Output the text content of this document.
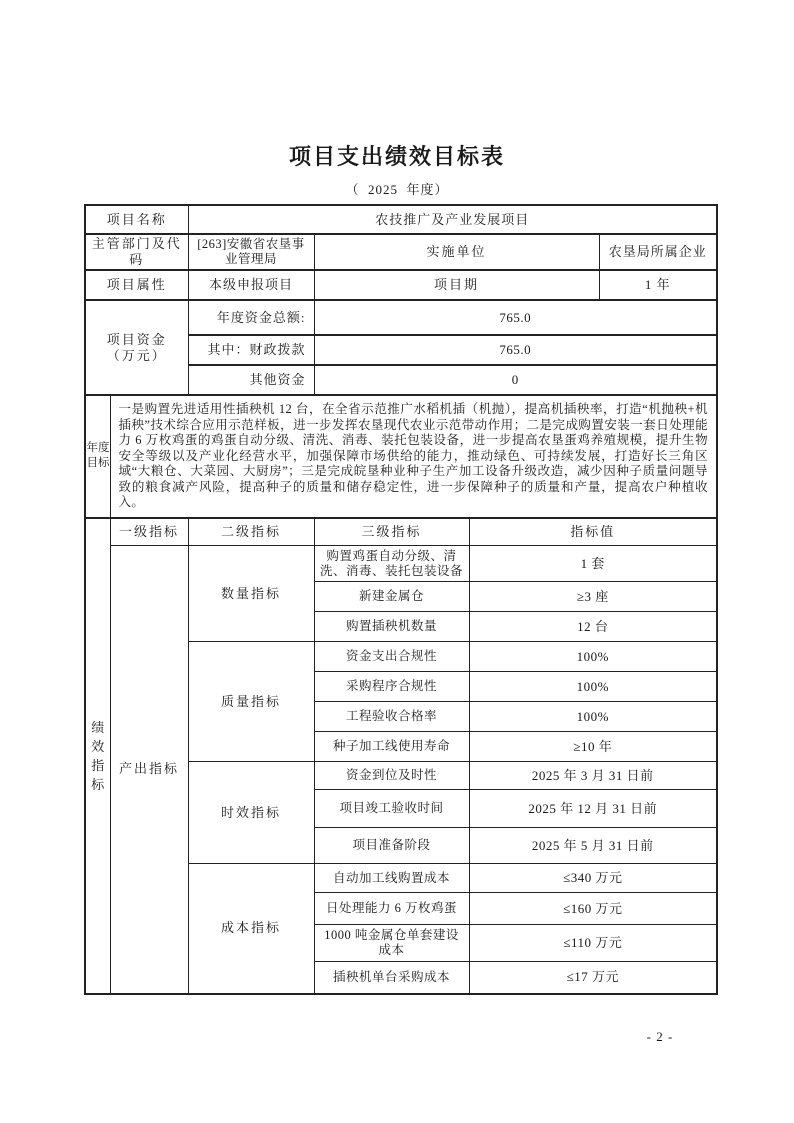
项目支出绩效目标表
（  2025  年度）
项目名称		农技推广及产业发展项目			
主管部门及代码		[263]安徽省农垦事业管理局	实施单位		农垦局所属企业
项目属性		本级申报项目	项目期		1 年

项目资金
（万元）		年度资金总额:	765.0		
		其中：财政拨款	765.0		
		其他资金	0		

年度目标	一是购置先进适用性插秧机 12 台，在全省示范推广水稻机插（机抛），提高机插秧率，打造“机抛秧+机插秧”技术综合应用示范样板，进一步发挥农垦现代农业示范带动作用；二是完成购置安装一套日处理能力 6 万枚鸡蛋的鸡蛋自动分级、清洗、消毒、装托包装设备，进一步提高农垦蛋鸡养殖规模，提升生物安全等级以及产业化经营水平，加强保障市场供给的能力，推动绿色、可持续发展，打造好长三角区域“大粮仓、大菜园、大厨房”；三是完成皖垦种业种子生产加工设备升级改造，减少因种子质量问题导致的粮食减产风险，提高种子的质量和储存稳定性，进一步保障种子的质量和产量，提高农户种植收入。				

绩效指标	一级指标	二级指标	三级指标	指标值	
	产出指标	数量指标	购置鸡蛋自动分级、清洗、消毒、装托包装设备	1 套	
			新建金属仓	≥3 座	
			购置插秧机数量	12 台	
		质量指标	资金支出合规性	100%	
			采购程序合规性	100%	
			工程验收合格率	100%	
			种子加工线使用寿命	≥10 年	
		时效指标	资金到位及时性	2025 年 3 月 31 日前	
			项目竣工验收时间	2025 年 12 月 31 日前	
			项目准备阶段	2025 年 5 月 31 日前	
		成本指标	自动加工线购置成本	≤340 万元	
			日处理能力 6 万枚鸡蛋	≤160 万元	
			1000 吨金属仓单套建设成本	≤110 万元	
			插秧机单台采购成本	≤17 万元	
- 2 -
